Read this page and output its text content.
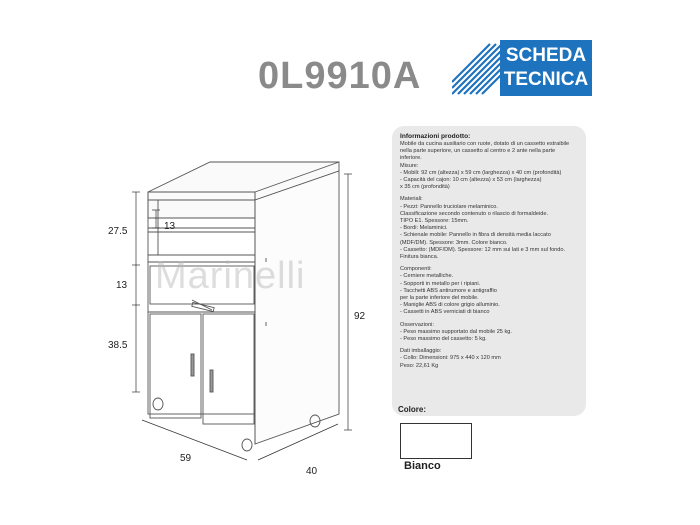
0L9910A	SCHEDA
TECNICA
Marinelli
27.5	13
13
38.5
92
59
40
Informazioni prodotto:
Mobile da cucina ausiliario con ruote, dotato di un cassetto estraibile
nella parte superiore, un cassetto al centro e 2 ante nella parte inferiore.
Misure:
- Mobili: 92 cm (altezza) x 59 cm (larghezza) x 40 cm (profondità)
- Capacità del cajon: 10 cm (altezza) x 53 cm (larghezza)
x 35 cm (profondità)
Materiali:
- Pezzi: Pannello truciolare melaminico.
Classificazione secondo contenuto o rilascio di formaldeide.
TIPO E1. Spessore: 15mm.
- Bordi: Melaminici.
- Schienale mobile: Pannello in fibra di densità media laccato
(MDF/DM). Spessore: 3mm. Colore bianco.
- Cassetto: (MDF/DM). Spessore: 12 mm sui lati e 3 mm sul fondo.
Finitura bianca.
Componenti:
- Cerniere metalliche.
- Sopporti in metallo per i ripiani.
- Tacchetti ABS antirumore e antigraffio
per la parte inferiore del mobile.
- Maniglie ABS di colore grigio alluminio.
- Cassetti in ABS verniciati di bianco
Osservazioni:
- Peso massimo supportato dal mobile 25 kg.
- Peso massimo del cassetto: 5 kg.
Dati imballaggio:
- Collo: Dimensioni: 975 x 440 x 120 mm
Peso: 22,61 Kg
Colore:
Bianco
